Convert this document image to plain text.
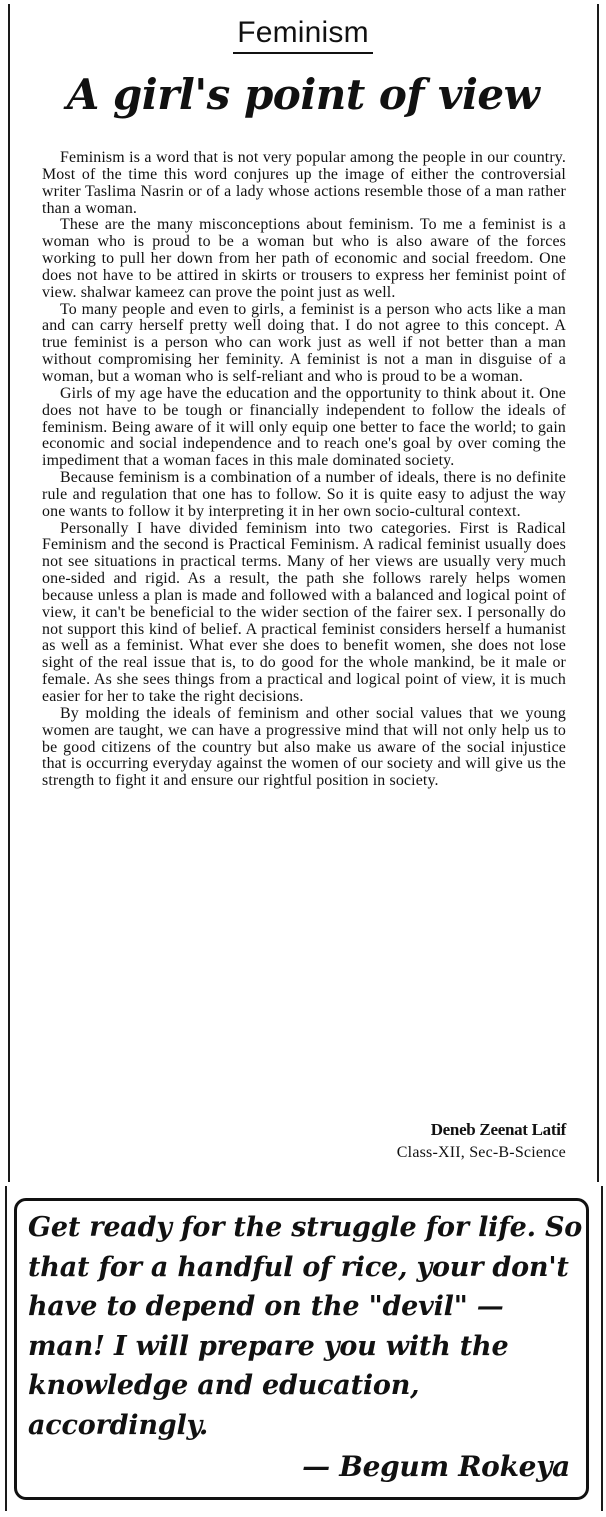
Feminism
A girl's point of view

Feminism is a word that is not very popular among the people in our country. Most of the time this word conjures up the image of either the controversial writer Taslima Nasrin or of a lady whose actions resemble those of a man rather than a woman.

These are the many misconceptions about feminism. To me a feminist is a woman who is proud to be a woman but who is also aware of the forces working to pull her down from her path of economic and social freedom. One does not have to be attired in skirts or trousers to express her feminist point of view. shalwar kameez can prove the point just as well.

To many people and even to girls, a feminist is a person who acts like a man and can carry herself pretty well doing that. I do not agree to this concept. A true feminist is a person who can work just as well if not better than a man without compromising her feminity. A feminist is not a man in disguise of a woman, but a woman who is self-reliant and who is proud to be a woman.

Girls of my age have the education and the opportunity to think about it. One does not have to be tough or financially independent to follow the ideals of feminism. Being aware of it will only equip one better to face the world; to gain economic and social independence and to reach one's goal by over coming the impediment that a woman faces in this male dominated society.

Because feminism is a combination of a number of ideals, there is no definite rule and regulation that one has to follow. So it is quite easy to adjust the way one wants to follow it by interpreting it in her own socio-cultural context.

Personally I have divided feminism into two categories. First is Radical Feminism and the second is Practical Feminism. A radical feminist usually does not see situations in practical terms. Many of her views are usually very much one-sided and rigid. As a result, the path she follows rarely helps women because unless a plan is made and followed with a balanced and logical point of view, it can't be beneficial to the wider section of the fairer sex. I personally do not support this kind of belief. A practical feminist considers herself a humanist as well as a feminist. What ever she does to benefit women, she does not lose sight of the real issue that is, to do good for the whole mankind, be it male or female. As she sees things from a practical and logical point of view, it is much easier for her to take the right decisions.

By molding the ideals of feminism and other social values that we young women are taught, we can have a progressive mind that will not only help us to be good citizens of the country but also make us aware of the social injustice that is occurring everyday against the women of our society and will give us the strength to fight it and ensure our rightful position in society.

Deneb Zeenat Latif
Class-XII, Sec-B-Science

Get ready for the struggle for life. So that for a handful of rice, your don't have to depend on the "devil" — man! I will prepare you with the knowledge and education, accordingly.

— Begum Rokeya
